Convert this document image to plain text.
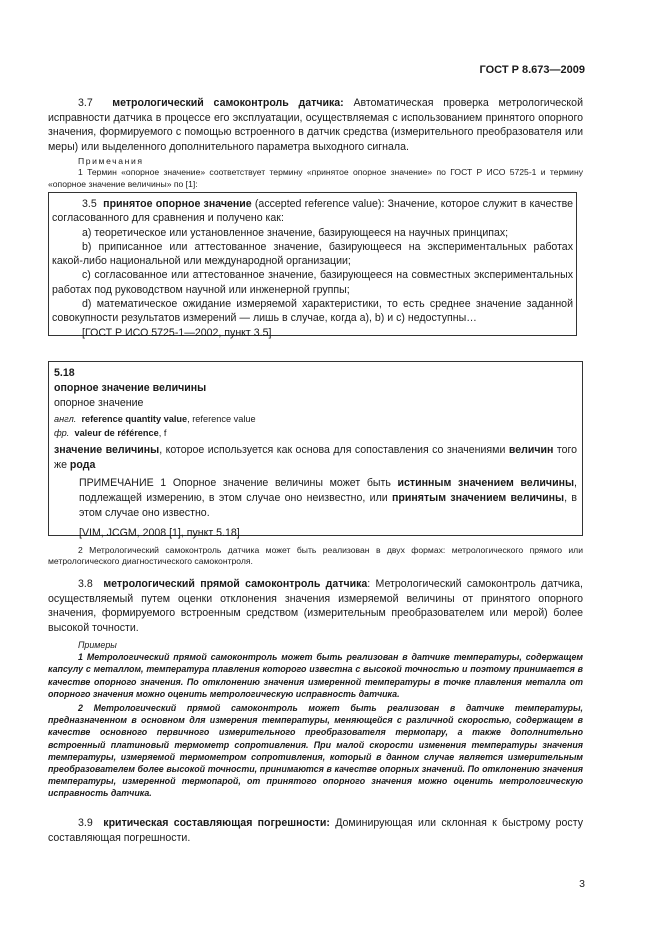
ГОСТ Р 8.673—2009

3.7 метрологический самоконтроль датчика: Автоматическая проверка метрологической исправности датчика в процессе его эксплуатации, осуществляемая с использованием принятого опорного значения, формируемого с помощью встроенного в датчик средства (измерительного преобразователя или меры) или выделенного дополнительного параметра выходного сигнала.

Примечания

1 Термин «опорное значение» соответствует термину «принятое опорное значение» по ГОСТ Р ИСО 5725-1 и термину «опорное значение величины» по [1]:

3.5 принятое опорное значение (accepted reference value): Значение, которое служит в качестве согласованного для сравнения и получено как:

а) теоретическое или установленное значение, базирующееся на научных принципах;

b) приписанное или аттестованное значение, базирующееся на экспериментальных работах какой-либо национальной или международной организации;

c) согласованное или аттестованное значение, базирующееся на совместных экспериментальных работах под руководством научной или инженерной группы;

d) математическое ожидание измеряемой характеристики, то есть среднее значение заданной совокупности результатов измерений — лишь в случае, когда а), b) и с) недоступны…

[ГОСТ Р ИСО 5725-1—2002, пункт 3.5]

5.18

опорное значение величины

опорное значение

англ. reference quantity value, reference value

фр. valeur de référence, f

значение величины, которое используется как основа для сопоставления со значениями величин того же рода

ПРИМЕЧАНИЕ 1 Опорное значение величины может быть истинным значением величины, подлежащей измерению, в этом случае оно неизвестно, или принятым значением величины, в этом случае оно известно.

[VIM, JCGM, 2008 [1], пункт 5.18]

2 Метрологический самоконтроль датчика может быть реализован в двух формах: метрологического прямого или метрологического диагностического самоконтроля.

3.8 метрологический прямой самоконтроль датчика: Метрологический самоконтроль датчика, осуществляемый путем оценки отклонения значения измеряемой величины от принятого опорного значения, формируемого встроенным средством (измерительным преобразователем или мерой) более высокой точности.

Примеры

1 Метрологический прямой самоконтроль может быть реализован в датчике температуры, содержащем капсулу с металлом, температура плавления которого известна с высокой точностью и поэтому принимается в качестве опорного значения. По отклонению значения измеренной температуры в точке плавления металла от опорного значения можно оценить метрологическую исправность датчика.

2 Метрологический прямой самоконтроль может быть реализован в датчике температуры, предназначенном в основном для измерения температуры, меняющейся с различной скоростью, содержащем в качестве основного первичного измерительного преобразователя термопару, а также дополнительно встроенный платиновый термометр сопротивления. При малой скорости изменения температуры значения температуры, измеряемой термометром сопротивления, который в данном случае является измерительным преобразователем более высокой точности, принимаются в качестве опорных значений. По отклонению значения температуры, измеренной термопарой, от принятого опорного значения можно оценить метрологическую исправность датчика.

3.9 критическая составляющая погрешности: Доминирующая или склонная к быстрому росту составляющая погрешности.

3
